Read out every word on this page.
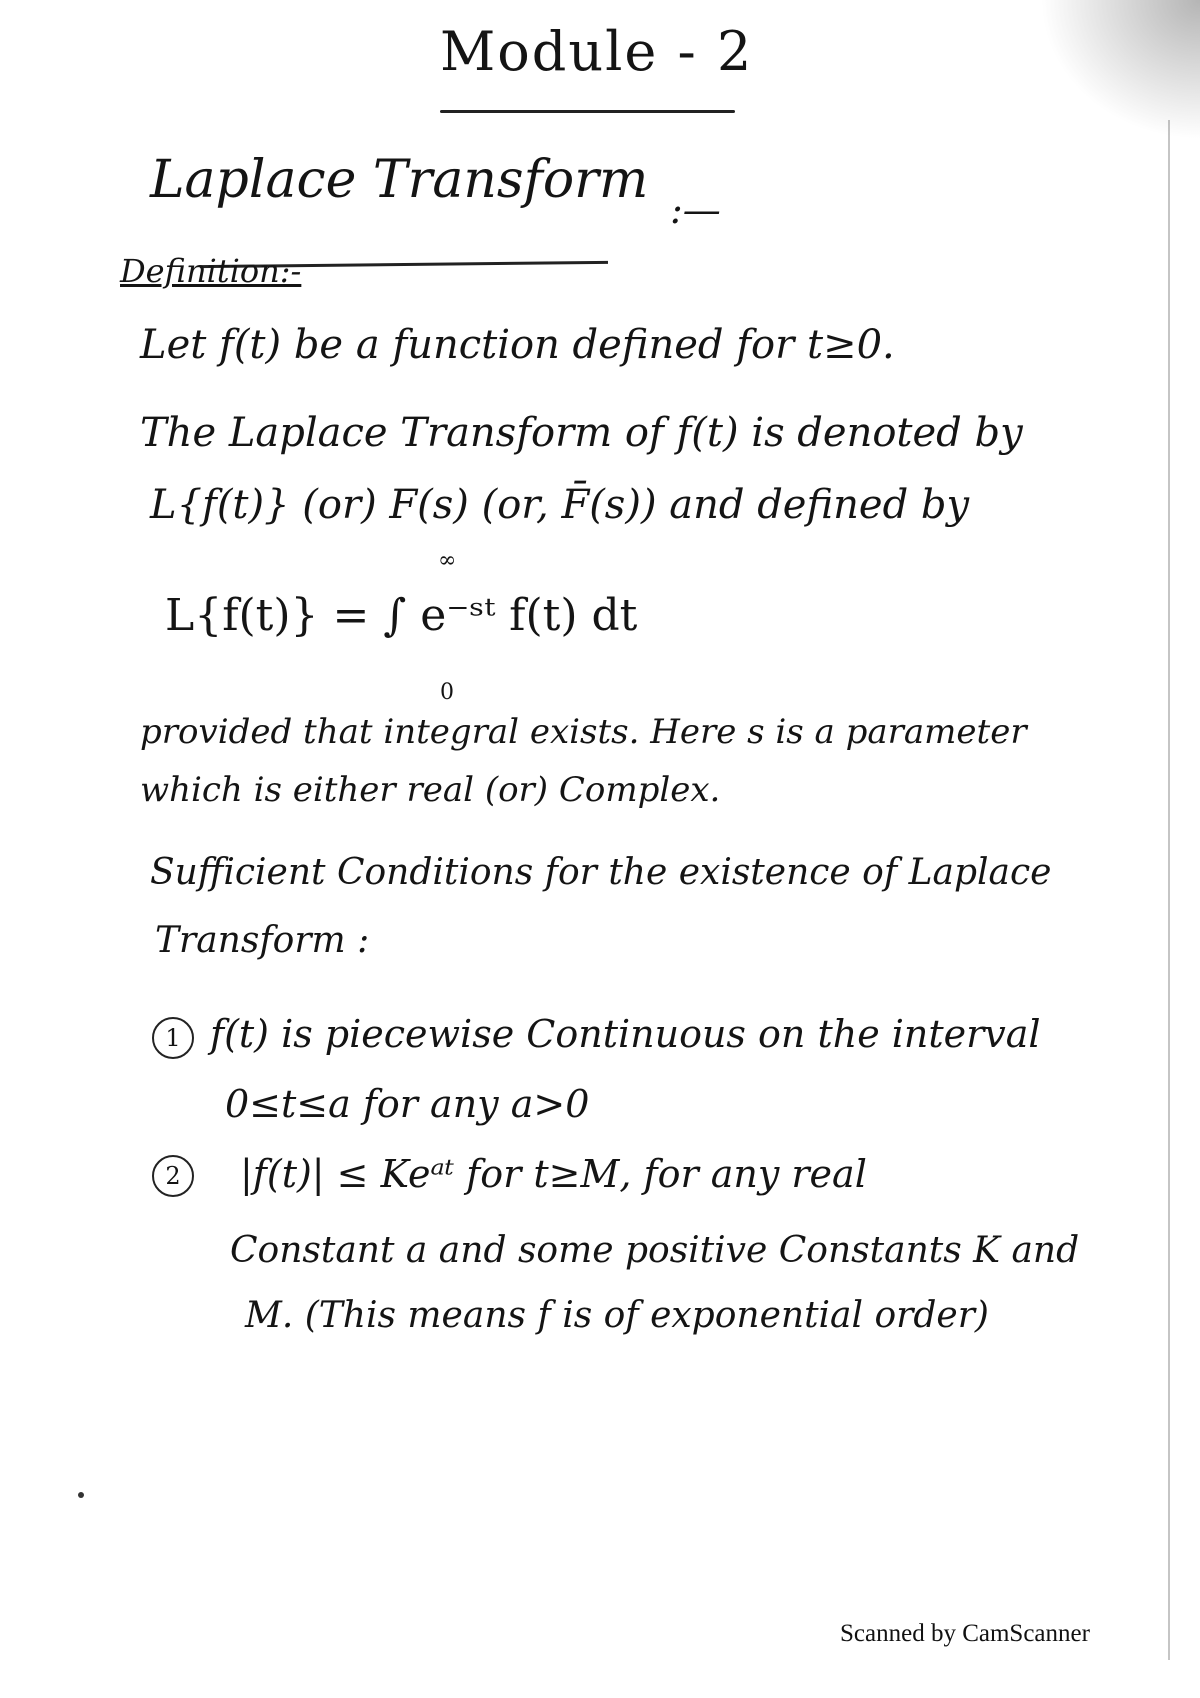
Module - 2
Laplace Transform :—
Definition:-
Let f(t) be a function defined for t≥0.
The Laplace Transform of f(t) is denoted by
L{f(t)} (or) F(s) (or, F̄(s)) and defined by
∞
L{f(t)} = ∫ e⁻ˢᵗ f(t) dt
0
provided that integral exists. Here s is a parameter
which is either real (or) Complex.
Sufficient Conditions for the existence of Laplace
Transform :
1 f(t) is piecewise Continuous on the interval
0≤t≤a for any a>0
2	|f(t)| ≤ Keᵃᵗ for t≥M, for any real
Constant a and some positive Constants K and
M. (This means f is of exponential order)
Scanned by CamScanner
